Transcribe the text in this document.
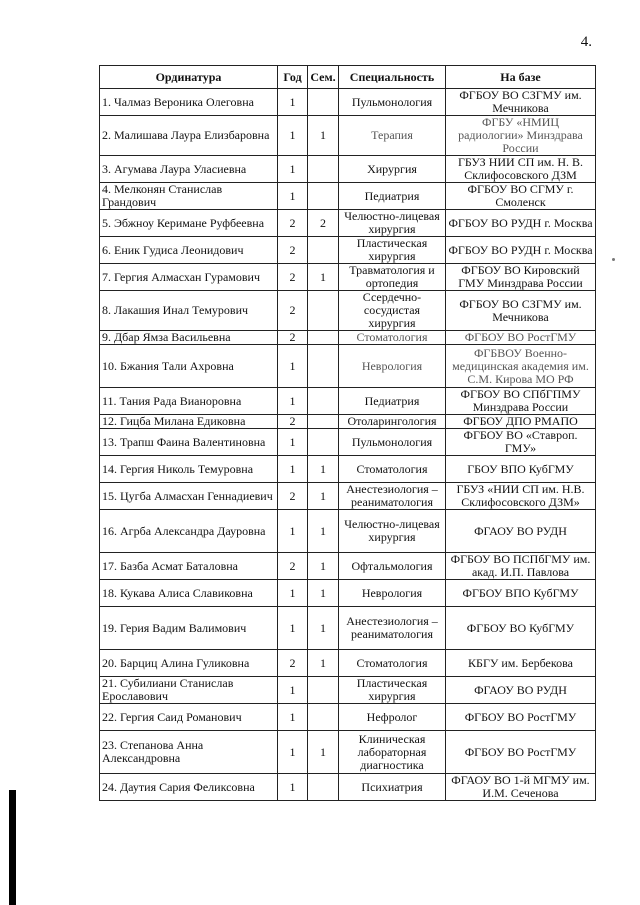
4.
Ординатура	Год	Сем.	Специальность	На базе
1. Чалмаз Вероника Олеговна	1		Пульмонология	ФГБОУ ВО СЗГМУ им. Мечникова
2. Малишава Лаура Елизбаровна	1	1	Терапия	ФГБУ «НМИЦ радиологии» Минздрава России
3. Агумава Лаура Уласиевна	1		Хирургия	ГБУЗ НИИ СП им. Н. В. Склифосовского ДЗМ
4. Мелконян Станислав Грандович	1		Педиатрия	ФГБОУ ВО СГМУ г. Смоленск
5. Эбжноу Керимане Руфбеевна	2	2	Челюстно-лицевая хирургия	ФГБОУ ВО РУДН г. Москва
6. Еник Гудиса Леонидович	2		Пластическая хирургия	ФГБОУ ВО РУДН г. Москва
7. Гергия Алмасхан Гурамович	2	1	Травматология и ортопедия	ФГБОУ ВО Кировский ГМУ Минздрава России
8. Лакашия Инал Темурович	2		Ссердечно-сосудистая хирургия	ФГБОУ ВО СЗГМУ им. Мечникова
9. Дбар Ямза Васильевна	2		Стоматология	ФГБОУ ВО РостГМУ
10. Бжания Тали Ахровна	1		Неврология	ФГБВОУ Военно-медицинская академия им. С.М. Кирова МО РФ
11. Тания Рада Вианоровна	1		Педиатрия	ФГБОУ ВО СПбГПМУ Минздрава России
12. Гицба Милана Едиковна	2		Отоларингология	ФГБОУ ДПО РМАПО
13. Трапш Фаина Валентиновна	1		Пульмонология	ФГБОУ ВО «Ставроп. ГМУ»
14. Гергия Николь Темуровна	1	1	Стоматология	ГБОУ ВПО КубГМУ
15. Цугба Алмасхан Геннадиевич	2	1	Анестезиология – реаниматология	ГБУЗ «НИИ СП им. Н.В. Склифосовского ДЗМ»
16. Агрба Александра Дауровна	1	1	Челюстно-лицевая хирургия	ФГАОУ ВО РУДН
17. Базба Асмат Баталовна	2	1	Офтальмология	ФГБОУ ВО ПСПбГМУ им. акад. И.П. Павлова
18. Кукава Алиса Славиковна	1	1	Неврология	ФГБОУ ВПО КубГМУ
19. Герия Вадим Валимович	1	1	Анестезиология –реаниматология	ФГБОУ ВО КубГМУ
20. Барциц Алина Гуликовна	2	1	Стоматология	КБГУ им. Бербекова
21. Субилиани Станислав Ерославович	1		Пластическая хирургия	ФГАОУ ВО РУДН
22. Гергия Саид Романович	1		Нефролог	ФГБОУ ВО РостГМУ
23. Степанова Анна Александровна	1	1	Клиническая лабораторная диагностика	ФГБОУ ВО РостГМУ
24. Даутия Сария Феликсовна	1		Психиатрия	ФГАОУ ВО 1-й МГМУ им. И.М. Сеченова
